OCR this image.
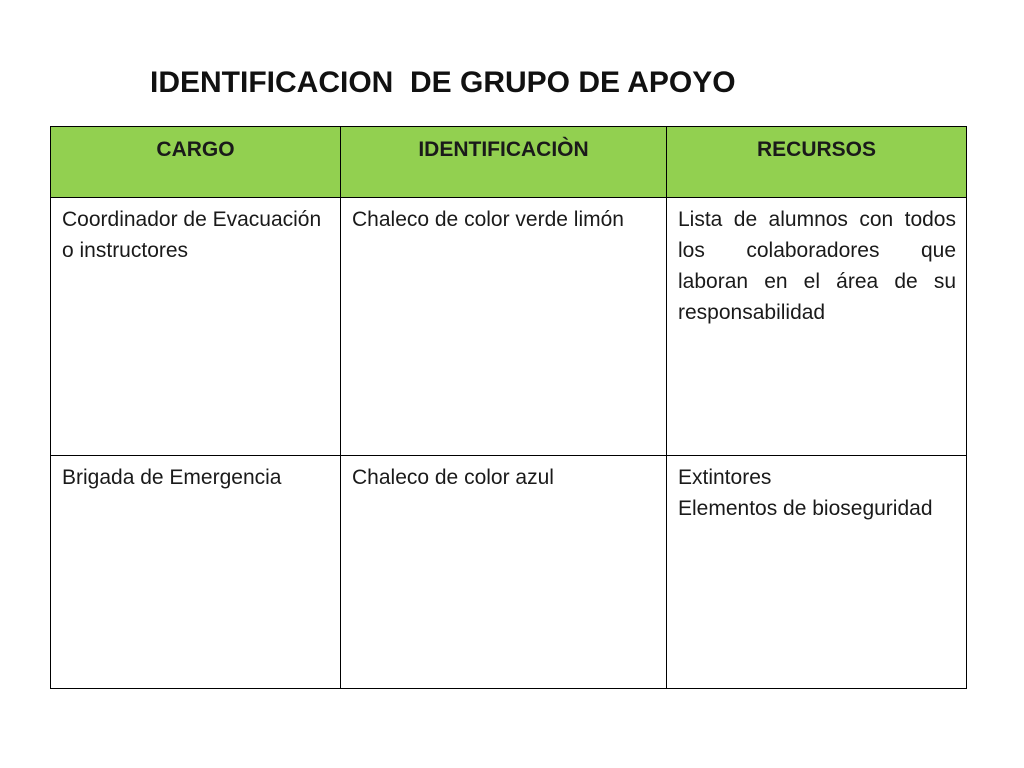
IDENTIFICACION  DE GRUPO DE APOYO
CARGO	IDENTIFICACIÒN	RECURSOS
Coordinador de Evacuación o instructores	Chaleco de color verde limón	Lista de alumnos con todos los colaboradores que laboran en el área de su responsabilidad
Brigada de Emergencia	Chaleco de color azul	Extintores
Elementos de bioseguridad
